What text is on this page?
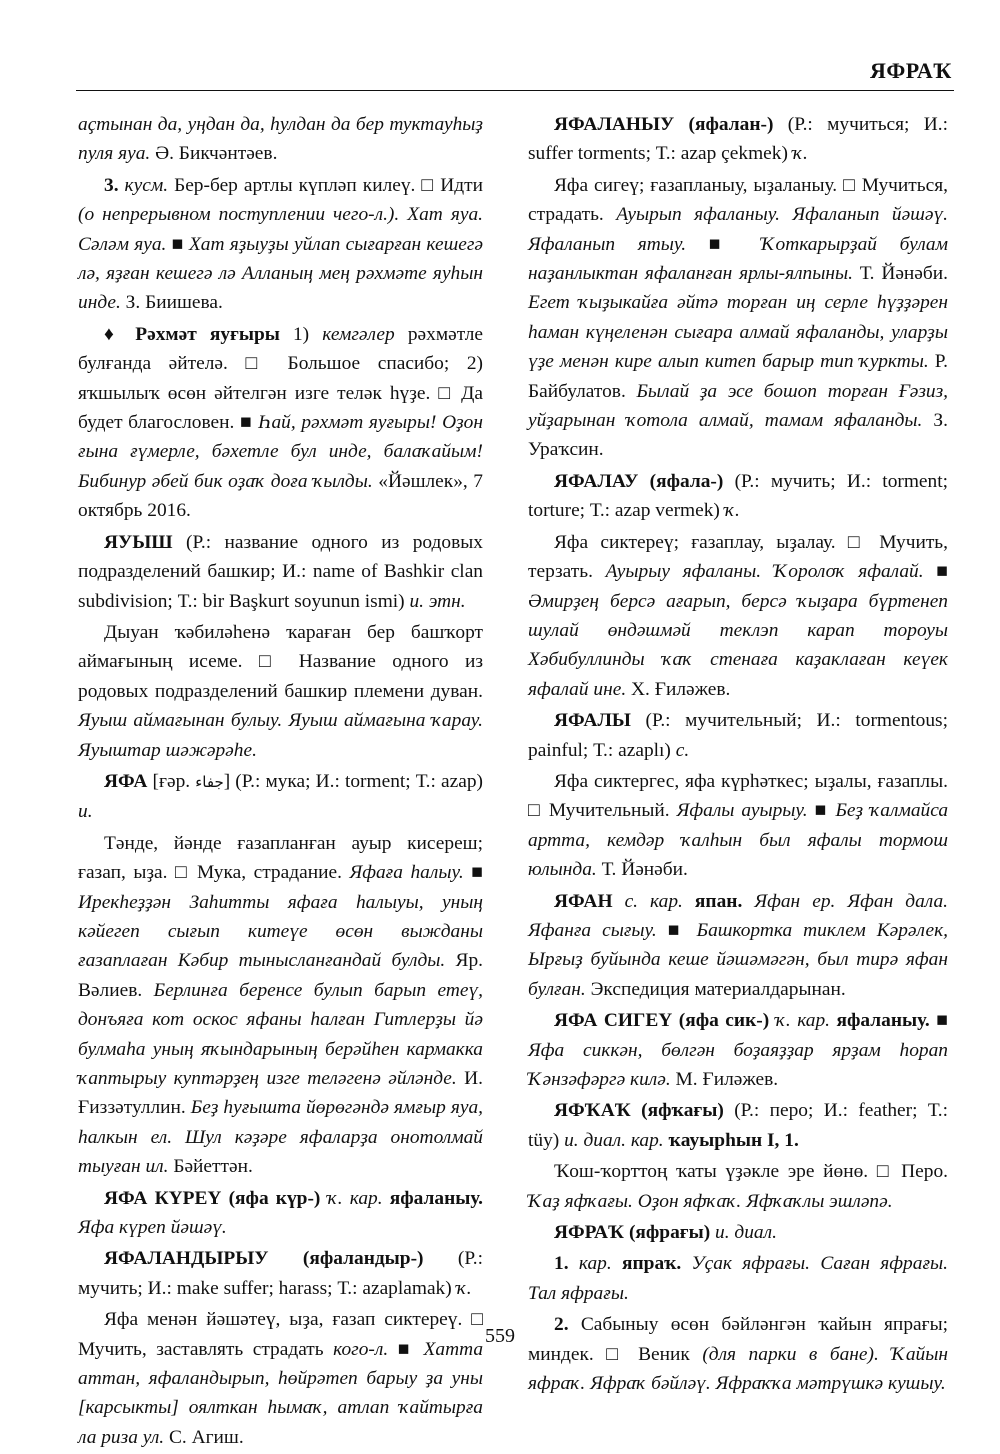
ЯФРАҠ

аҫтынан да, уңдан да, һулдан да бер туктауһыҙ пуля яуа. Ә. Бикчәнтәев.

3. кусм. Бер-бер артлы күпләп килеү. □ Идти (о непрерывном поступлении чего-л.). Хат яуа. Сәләм яуа. ■ Хат яҙыуҙы уйлап сығарған кешегә лә, яҙған кешегә лә Алланың мең рәхмәте яуһын инде. З. Биишева.

♦ Рәхмәт яуғыры 1) кемгәлер рәхмәтле булғанда әйтелә. □ Большое спасибо; 2) яҡшылыҡ өсөн әйтелгән изге теләк һүҙе. □ Да будет благословен. ■ Һай, рәхмәт яуғыры! Оҙон ғына ғүмерле, бәхетле бул инде, балаҡайым! Бибинур әбей бик оҙаҡ доға ҡылды. «Йәшлек», 7 октябрь 2016.

ЯУЫШ (Р.: название одного из родовых подразделений башкир; И.: name of Bashkir clan subdivision; Т.: bir Başkurt soyunun ismi) и. этн.

Дыуан ҡәбиләһенә ҡараған бер башҡорт аймағының исеме. □ Название одного из родовых подразделений башкир племени дуван. Яуыш аймағынан булыу. Яуыш аймағына ҡарау. Яуыштар шәжәрәһе.

ЯФА [ғәр. جفاء] (Р.: мука; И.: torment; Т.: azap) и.

Тәнде, йәнде ғазапланған ауыр кисереш; ғазап, ыҙа. □ Мука, страдание. Яфаға һалыу. ■ Ирекһеҙҙән Заһитты яфаға һалыуы, уның кәйегеп сығып китеүе өсөн выжданы ғазаплаған Кәбир тынысланғандай булды. Яр. Вәлиев. Берлинға беренсе булып барып етеү, донъяға кот оскос яфаны һалған Гитлерҙы йә булмаһа уның яҡындарының берәйһен кармакка ҡаптырыу куптәрҙең изге теләгенә әйләнде. И. Ғиззәтуллин. Беҙ һуғышта йөрөгәндә ямғыр яуа, һалкын ел. Шул кәҙәре яфаларҙа онотолмай тыуған ил. Бәйеттән.

ЯФА КҮРЕҮ (яфа күр-) ҡ. кар. яфаланыу. Яфа күреп йәшәү.

ЯФАЛАНДЫРЫУ (яфаландыр-) (Р.: мучить; И.: make suffer; harass; Т.: azaplamak) ҡ.

Яфа менән йәшәтеү, ыҙа, ғазап сиктереү. □ Мучить, заставлять страдать кого-л. ■ Хатта аттан, яфаландырып, һөйрәтеп барыу ҙа уны [карсыкты] оялткан һымаҡ, атлап ҡайтырға ла риза ул. С. Агиш.

ЯФАЛАНЫУ (яфалан-) (Р.: мучиться; И.: suffer torments; Т.: azap çekmek) ҡ.

Яфа сигеү; ғазапланыу, ыҙаланыу. □ Мучиться, страдать. Ауырып яфаланыу. Яфаланып йәшәү. Яфаланып ятыу. ■ Ҡоткарырҙай булам наҙанлыктан яфаланған ярлы-ялпыны. Т. Йәнәби. Егет ҡыҙыкайға әйтә торған иң серле һүҙҙәрен һаман күңеленән сығара алмай яфаланды, уларҙы үҙе менән кире алып китеп барыр тип ҡуркты. Р. Байбулатов. Былай ҙа эсе бошоп торған Ғәзиз, уйҙарынан ҡотола алмай, тамам яфаланды. З. Ураҡсин.

ЯФАЛАУ (яфала-) (Р.: мучить; И.: torment; torture; Т.: azap vermek) ҡ.

Яфа сиктереү; ғазаплау, ыҙалау. □ Мучить, терзать. Ауырыу яфаланы. Ҡоролоҡ яфалай. ■ Әмирҙең берсә ағарып, берсә ҡыҙара бүртенеп шулай өндәшмәй теклэп карап тороуы Хәбибуллинды ҡаҡ стенаға каҙаклаған кеүек яфалай ине. Х. Ғиләжев.

ЯФАЛЫ (Р.: мучительный; И.: tormentous; painful; Т.: azaplı) с.

Яфа сиктергес, яфа күрһәткес; ыҙалы, ғазаплы. □ Мучительный. Яфалы ауырыу. ■ Беҙ ҡалмайса артта, кемдәр ҡалһын был яфалы тормош юлында. Т. Йәнәби.

ЯФАН с. кар. япан. Яфан ер. Яфан дала. Яфанға сығыу. ■ Башкортка тиклем Кәрәлек, Ырғыҙ буйында кеше йәшәмәгән, был тирә яфан булған. Экспедиция материалдарынан.

ЯФА СИГЕҮ (яфа сик-) ҡ. кар. яфаланыу. ■ Яфа сиккән, бөлгән боҙаяҙҙар ярҙам һорап Ҡәнзәфәргә килә. М. Ғиләжев.

ЯФҠАҠ (яфҡағы) (Р.: перо; И.: feather; Т.: tüy) и. диал. кар. ҡауырһын I, 1.

Ҡош-ҡорттоң ҡаты үҙәкле эре йөнө. □ Перо. Ҡаҙ яфҡағы. Оҙон яфҡаҡ. Яфҡаҡлы эшләпә.

ЯФРАҠ (яфрағы) и. диал.

1. кар. япраҡ. Уҫак яфрағы. Саған яфрағы. Тал яфрағы.

2. Сабыныу өсөн бәйләнгән ҡайын япрағы; миндек. □ Веник (для парки в бане). Ҡайын яфраҡ. Яфраҡ бәйләү. Яфраҡҡа мәтрүшкә кушыу.

559
